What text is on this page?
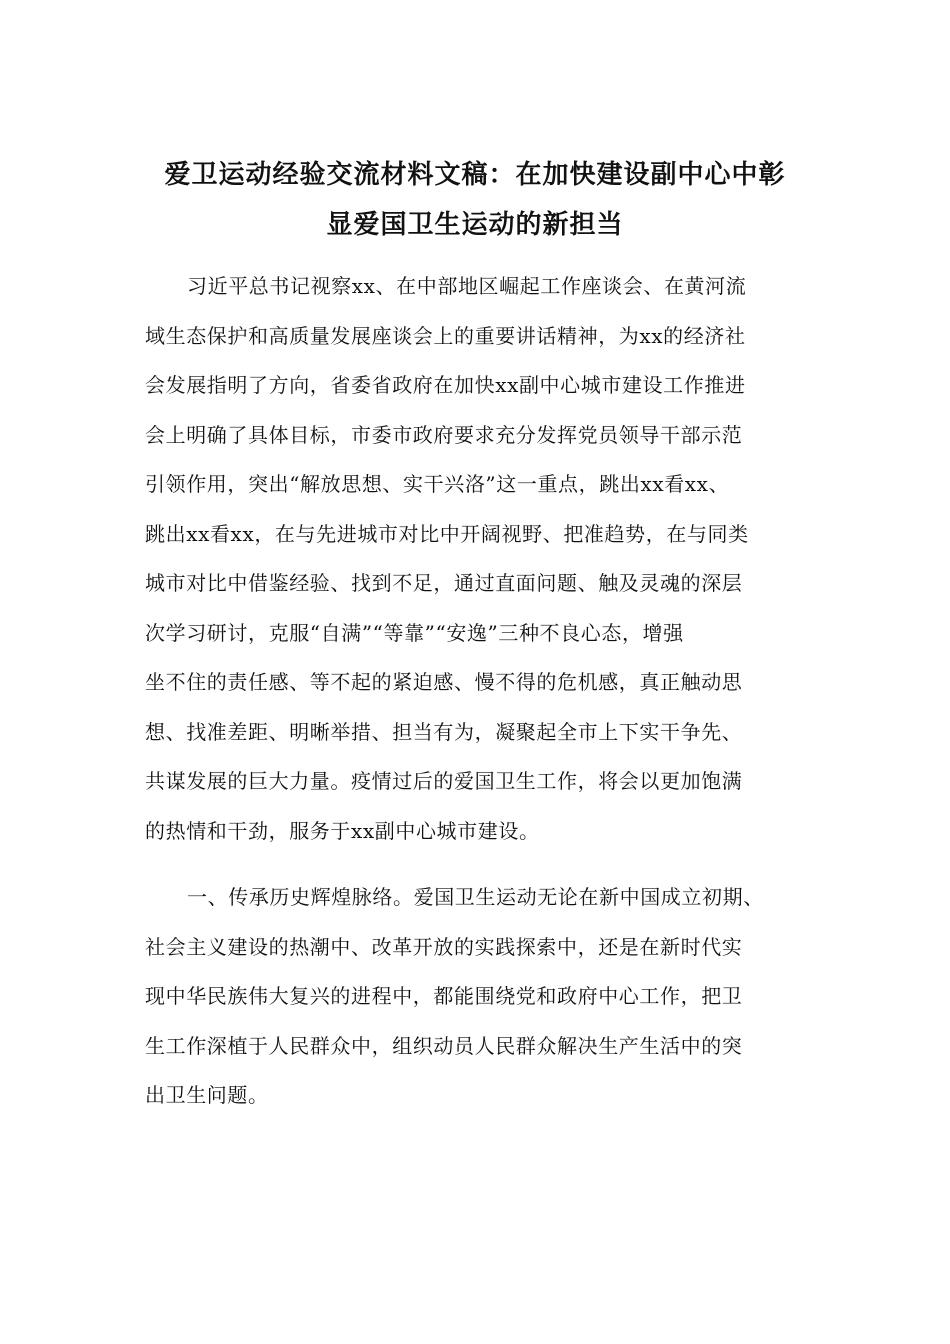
爱卫运动经验交流材料文稿：在加快建设副中心中彰
显爱国卫生运动的新担当
习近平总书记视察xx、在中部地区崛起工作座谈会、在黄河流
域生态保护和高质量发展座谈会上的重要讲话精神，为xx的经济社
会发展指明了方向，省委省政府在加快xx副中心城市建设工作推进
会上明确了具体目标，市委市政府要求充分发挥党员领导干部示范
引领作用，突出“解放思想、实干兴洛”这一重点，跳出xx看xx、
跳出xx看xx，在与先进城市对比中开阔视野、把准趋势，在与同类
城市对比中借鉴经验、找到不足，通过直面问题、触及灵魂的深层
次学习研讨，克服“自满”“等靠”“安逸”三种不良心态，增强
坐不住的责任感、等不起的紧迫感、慢不得的危机感，真正触动思
想、找准差距、明晰举措、担当有为，凝聚起全市上下实干争先、
共谋发展的巨大力量。疫情过后的爱国卫生工作，将会以更加饱满
的热情和干劲，服务于xx副中心城市建设。
一、传承历史辉煌脉络。爱国卫生运动无论在新中国成立初期、
社会主义建设的热潮中、改革开放的实践探索中，还是在新时代实
现中华民族伟大复兴的进程中，都能围绕党和政府中心工作，把卫
生工作深植于人民群众中，组织动员人民群众解决生产生活中的突
出卫生问题。
